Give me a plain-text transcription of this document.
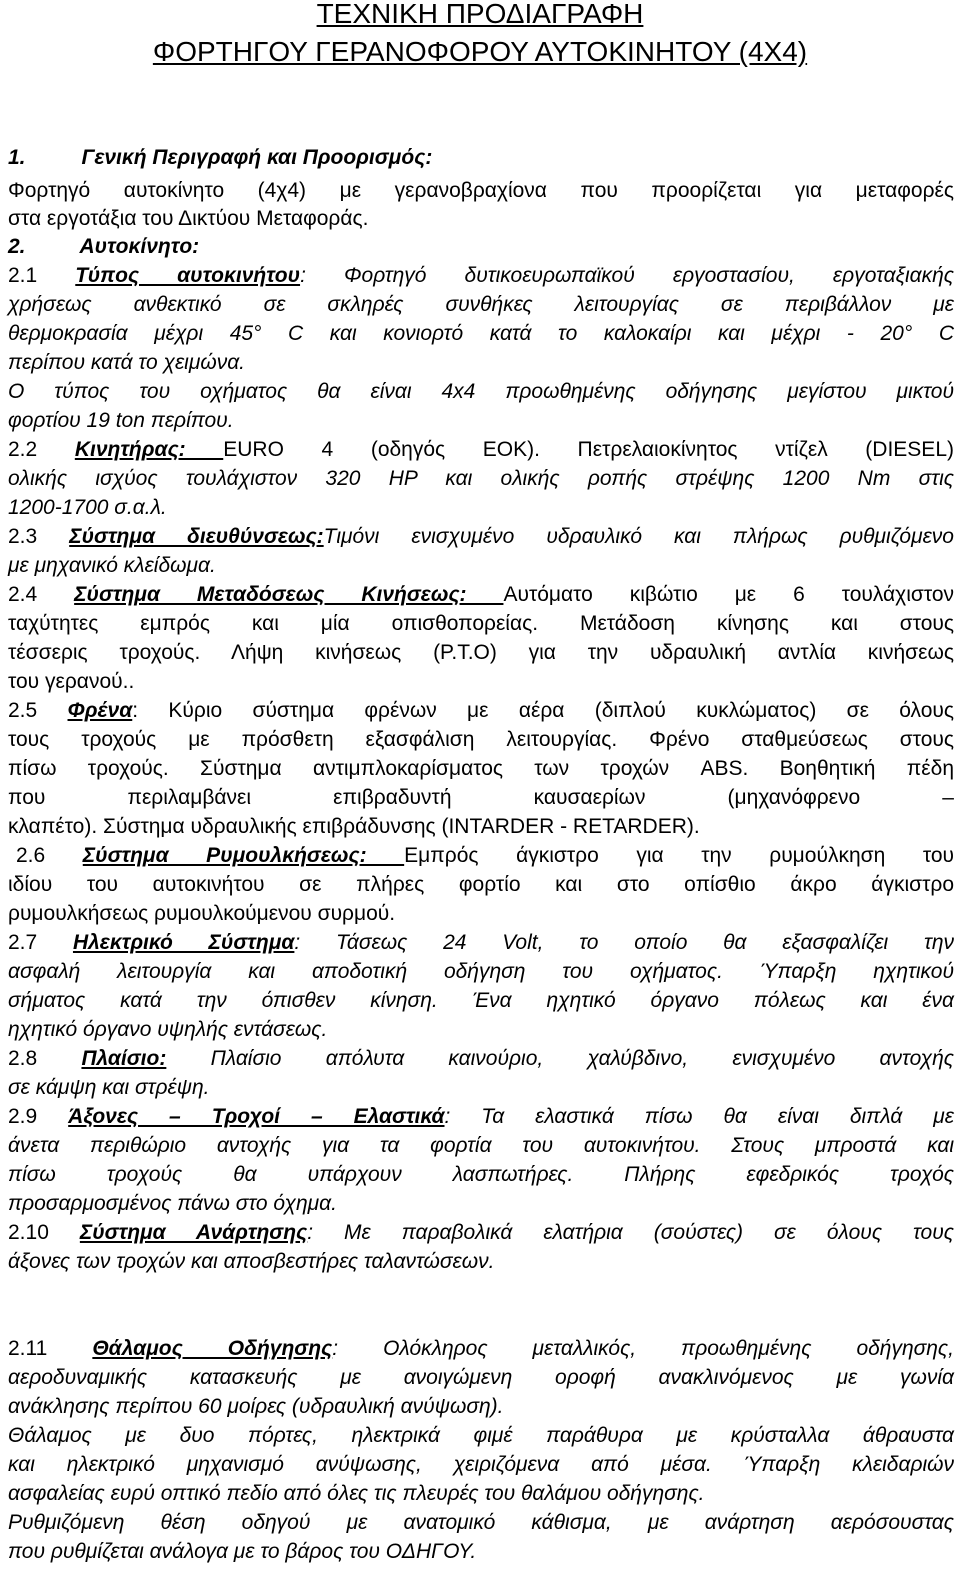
ΤΕΧΝΙΚΗ ΠΡΟΔΙΑΓΡΑΦΗ
ΦΟΡΤΗΓΟΥ ΓΕΡΑΝΟΦΟΡΟΥ ΑΥΤΟΚΙΝΗΤΟΥ (4Χ4)
1.	Γενική Περιγραφή και Προορισμός:
Φορτηγό αυτοκίνητο (4χ4) με γερανοβραχίονα που προορίζεται για μεταφορές
στα εργοτάξια του Δικτύου Μεταφοράς.
2.	Αυτοκίνητο:
2.1 Τύπος αυτοκινήτου: Φορτηγό δυτικοευρωπαϊκού εργοστασίου, εργοταξιακής
χρήσεως ανθεκτικό σε σκληρές συνθήκες λειτουργίας σε περιβάλλον με
θερμοκρασία μέχρι 45° C και κονιορτό κατά το καλοκαίρι και μέχρι - 20° C
περίπου κατά το χειμώνα.
Ο τύπος του οχήματος θα είναι 4x4 προωθημένης οδήγησης μεγίστου μικτού
φορτίου 19 ton περίπου.
2.2 Κινητήρας: EURO 4 (οδηγός ΕΟΚ). Πετρελαιοκίνητος ντίζελ (DIESEL)
ολικής ισχύος τουλάχιστον 320 HP και ολικής ροπής στρέψης 1200 Nm στις
1200-1700 σ.α.λ.
2.3 Σύστημα διευθύνσεως:Τιμόνι ενισχυμένο υδραυλικό και πλήρως ρυθμιζόμενο
με μηχανικό κλείδωμα.
2.4 Σύστημα Μεταδόσεως Κινήσεως: Αυτόματο κιβώτιο με 6 τουλάχιστον
ταχύτητες εμπρός και μία οπισθοπορείας. Μετάδοση κίνησης και στους
τέσσερις τροχούς. Λήψη κινήσεως (P.T.O) για την υδραυλική αντλία κινήσεως
του γερανού..
2.5 Φρένα: Κύριο σύστημα φρένων με αέρα (διπλού κυκλώματος) σε όλους
τους τροχούς με πρόσθετη εξασφάλιση λειτουργίας. Φρένο σταθμεύσεως στους
πίσω τροχούς. Σύστημα αντιμπλοκαρίσματος των τροχών ABS. Βοηθητική πέδη
που περιλαμβάνει επιβραδυντή καυσαερίων (μηχανόφρενο –
κλαπέτο). Σύστημα υδραυλικής επιβράδυνσης (INTARDER - RETARDER).
2.6 Σύστημα Ρυμουλκήσεως: Εμπρός άγκιστρο για την ρυμούλκηση του
ιδίου του αυτοκινήτου σε πλήρες φορτίο και στο οπίσθιο άκρο άγκιστρο
ρυμουλκήσεως ρυμουλκούμενου συρμού.
2.7 Ηλεκτρικό Σύστημα: Τάσεως 24 Volt, το οποίο θα εξασφαλίζει την
ασφαλή λειτουργία και αποδοτική οδήγηση του οχήματος. Ύπαρξη ηχητικού
σήματος κατά την όπισθεν κίνηση. Ένα ηχητικό όργανο πόλεως και ένα
ηχητικό όργανο υψηλής εντάσεως.
2.8 Πλαίσιο: Πλαίσιο απόλυτα καινούριο, χαλύβδινο, ενισχυμένο αντοχής
σε κάμψη και στρέψη.
2.9 Άξονες – Τροχοί – Ελαστικά: Τα ελαστικά πίσω θα είναι διπλά με
άνετα περιθώριο αντοχής για τα φορτία του αυτοκινήτου. Στους μπροστά και
πίσω τροχούς θα υπάρχουν λασπωτήρες. Πλήρης εφεδρικός τροχός
προσαρμοσμένος πάνω στο όχημα.
2.10 Σύστημα Ανάρτησης: Με παραβολικά ελατήρια (σούστες) σε όλους τους
άξονες των τροχών και αποσβεστήρες ταλαντώσεων.
2.11 Θάλαμος Οδήγησης: Ολόκληρος μεταλλικός, προωθημένης οδήγησης,
αεροδυναμικής κατασκευής με ανοιγώμενη οροφή ανακλινόμενος με γωνία
ανάκλησης περίπου 60 μοίρες (υδραυλική ανύψωση).
Θάλαμος με δυο πόρτες, ηλεκτρικά φιμέ παράθυρα με κρύσταλλα άθραυστα
και ηλεκτρικό μηχανισμό ανύψωσης, χειριζόμενα από μέσα. Ύπαρξη κλειδαριών
ασφαλείας ευρύ οπτικό πεδίο από όλες τις πλευρές του θαλάμου οδήγησης.
Ρυθμιζόμενη θέση οδηγού με ανατομικό κάθισμα, με ανάρτηση αερόσουστας
που ρυθμίζεται ανάλογα με το βάρος του ΟΔΗΓΟΥ.
